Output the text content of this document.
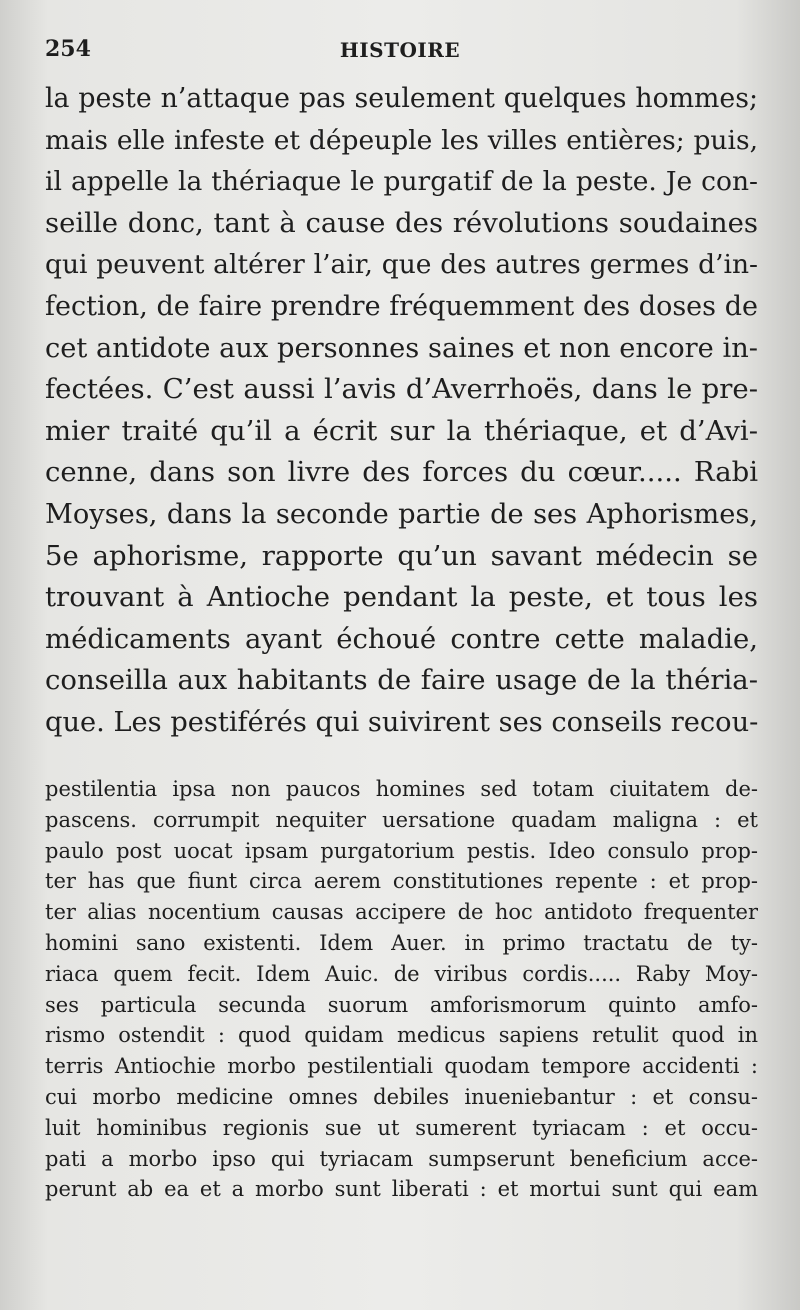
254	HISTOIRE
la peste n’attaque pas seulement quelques hommes;
mais elle infeste et dépeuple les villes entières; puis,
il appelle la thériaque le purgatif de la peste. Je con-
seille donc, tant à cause des révolutions soudaines
qui peuvent altérer l’air, que des autres germes d’in-
fection, de faire prendre fréquemment des doses de
cet antidote aux personnes saines et non encore in-
fectées. C’est aussi l’avis d’Averrhoës, dans le pre-
mier traité qu’il a écrit sur la thériaque, et d’Avi-
cenne, dans son livre des forces du cœur..... Rabi
Moyses, dans la seconde partie de ses Aphorismes,
5e aphorisme, rapporte qu’un savant médecin se
trouvant à Antioche pendant la peste, et tous les
médicaments ayant échoué contre cette maladie,
conseilla aux habitants de faire usage de la théria-
que. Les pestiférés qui suivirent ses conseils recou-
pestilentia ipsa non paucos homines sed totam ciuitatem de-
pascens. corrumpit nequiter uersatione quadam maligna : et
paulo post uocat ipsam purgatorium pestis. Ideo consulo prop-
ter has que fiunt circa aerem constitutiones repente : et prop-
ter alias nocentium causas accipere de hoc antidoto frequenter
homini sano existenti. Idem Auer. in primo tractatu de ty-
riaca quem fecit. Idem Auic. de viribus cordis..... Raby Moy-
ses particula secunda suorum amforismorum quinto amfo-
rismo ostendit : quod quidam medicus sapiens retulit quod in
terris Antiochie morbo pestilentiali quodam tempore accidenti :
cui morbo medicine omnes debiles inueniebantur : et consu-
luit hominibus regionis sue ut sumerent tyriacam : et occu-
pati a morbo ipso qui tyriacam sumpserunt beneficium acce-
perunt ab ea et a morbo sunt liberati : et mortui sunt qui eam
